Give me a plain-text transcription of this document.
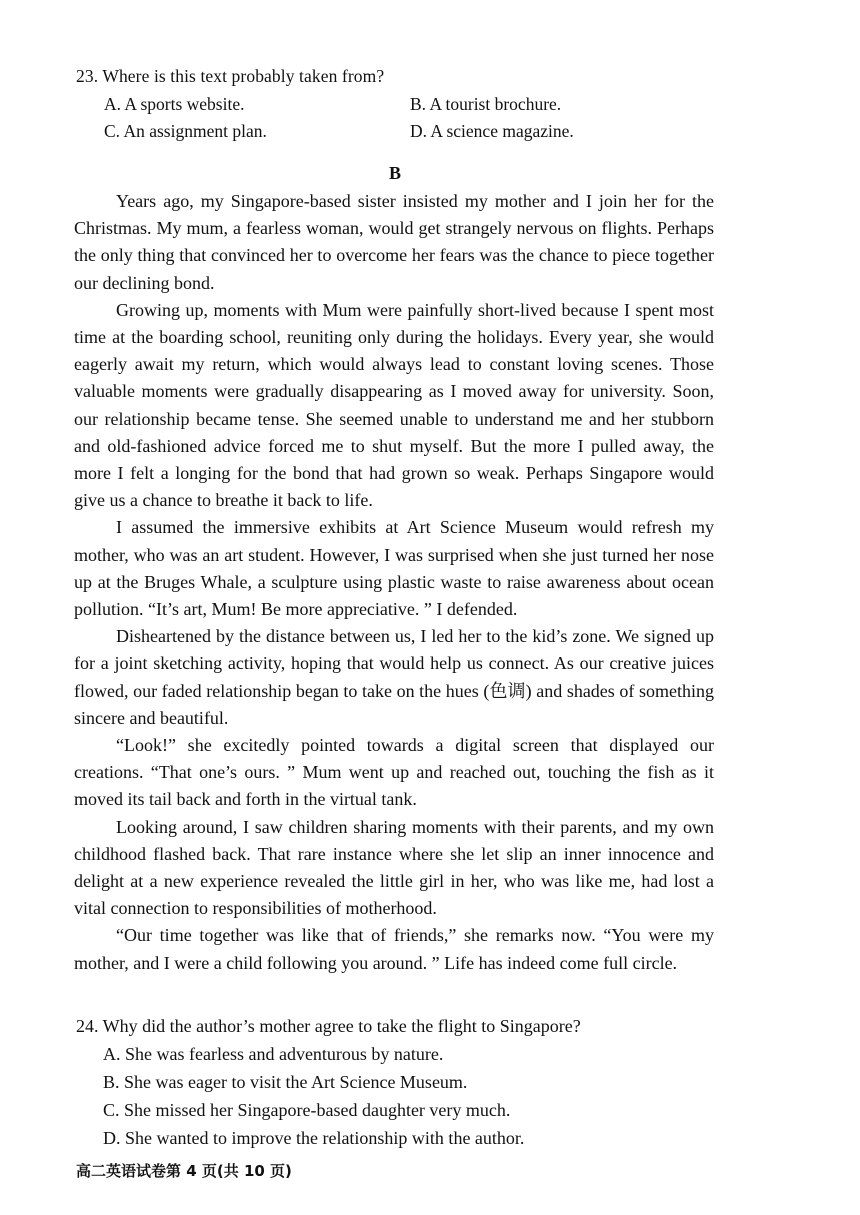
23. Where is this text probably taken from?
A. A sports website.	B. A tourist brochure.
C. An assignment plan.	D. A science magazine.
B

Years ago, my Singapore-based sister insisted my mother and I join her for the Christmas. My mum, a fearless woman, would get strangely nervous on flights. Perhaps the only thing that convinced her to overcome her fears was the chance to piece together our declining bond.

Growing up, moments with Mum were painfully short-lived because I spent most time at the boarding school, reuniting only during the holidays. Every year, she would eagerly await my return, which would always lead to constant loving scenes. Those valuable moments were gradually disappearing as I moved away for university. Soon, our relationship became tense. She seemed unable to understand me and her stubborn and old-fashioned advice forced me to shut myself. But the more I pulled away, the more I felt a longing for the bond that had grown so weak. Perhaps Singapore would give us a chance to breathe it back to life.

I assumed the immersive exhibits at Art Science Museum would refresh my mother, who was an art student. However, I was surprised when she just turned her nose up at the Bruges Whale, a sculpture using plastic waste to raise awareness about ocean pollution. “It’s art, Mum! Be more appreciative. ” I defended.

Disheartened by the distance between us, I led her to the kid’s zone. We signed up for a joint sketching activity, hoping that would help us connect. As our creative juices flowed, our faded relationship began to take on the hues (色调) and shades of something sincere and beautiful.

“Look!” she excitedly pointed towards a digital screen that displayed our creations. “That one’s ours. ” Mum went up and reached out, touching the fish as it moved its tail back and forth in the virtual tank.

Looking around, I saw children sharing moments with their parents, and my own childhood flashed back. That rare instance where she let slip an inner innocence and delight at a new experience revealed the little girl in her, who was like me, had lost a vital connection to responsibilities of motherhood.

“Our time together was like that of friends,” she remarks now. “You were my mother, and I were a child following you around. ” Life has indeed come full circle.

24. Why did the author’s mother agree to take the flight to Singapore?
A. She was fearless and adventurous by nature.
B. She was eager to visit the Art Science Museum.
C. She missed her Singapore-based daughter very much.
D. She wanted to improve the relationship with the author.
高二英语试卷第 4 页(共 10 页)
